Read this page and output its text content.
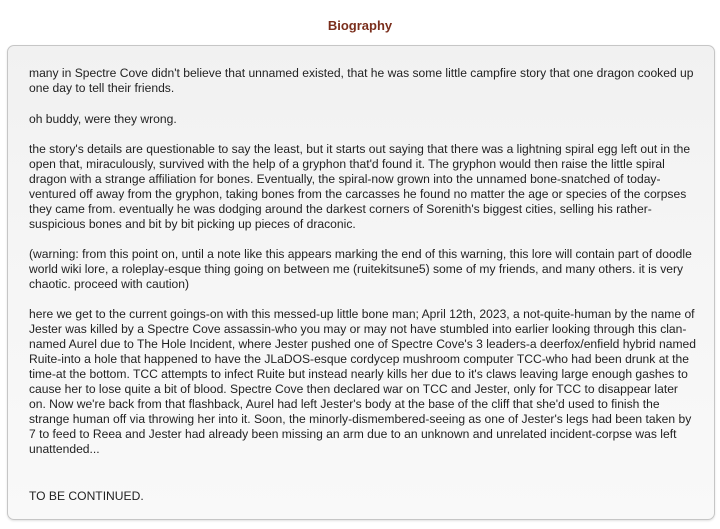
Biography

many in Spectre Cove didn't believe that unnamed existed, that he was some little campfire story that one dragon cooked up one day to tell their friends.

oh buddy, were they wrong.

the story's details are questionable to say the least, but it starts out saying that there was a lightning spiral egg left out in the open that, miraculously, survived with the help of a gryphon that'd found it. The gryphon would then raise the little spiral dragon with a strange affiliation for bones. Eventually, the spiral-now grown into the unnamed bone-snatched of today-ventured off away from the gryphon, taking bones from the carcasses he found no matter the age or species of the corpses they came from. eventually he was dodging around the darkest corners of Sorenith's biggest cities, selling his rather-suspicious bones and bit by bit picking up pieces of draconic.

(warning: from this point on, until a note like this appears marking the end of this warning, this lore will contain part of doodle world wiki lore, a roleplay-esque thing going on between me (ruitekitsune5) some of my friends, and many others. it is very chaotic. proceed with caution)

here we get to the current goings-on with this messed-up little bone man; April 12th, 2023, a not-quite-human by the name of Jester was killed by a Spectre Cove assassin-who you may or may not have stumbled into earlier looking through this clan-named Aurel due to The Hole Incident, where Jester pushed one of Spectre Cove's 3 leaders-a deerfox/enfield hybrid named Ruite-into a hole that happened to have the JLaDOS-esque cordycep mushroom computer TCC-who had been drunk at the time-at the bottom. TCC attempts to infect Ruite but instead nearly kills her due to it's claws leaving large enough gashes to cause her to lose quite a bit of blood. Spectre Cove then declared war on TCC and Jester, only for TCC to disappear later on. Now we're back from that flashback, Aurel had left Jester's body at the base of the cliff that she'd used to finish the strange human off via throwing her into it. Soon, the minorly-dismembered-seeing as one of Jester's legs had been taken by 7 to feed to Reea and Jester had already been missing an arm due to an unknown and unrelated incident-corpse was left unattended...

TO BE CONTINUED.
